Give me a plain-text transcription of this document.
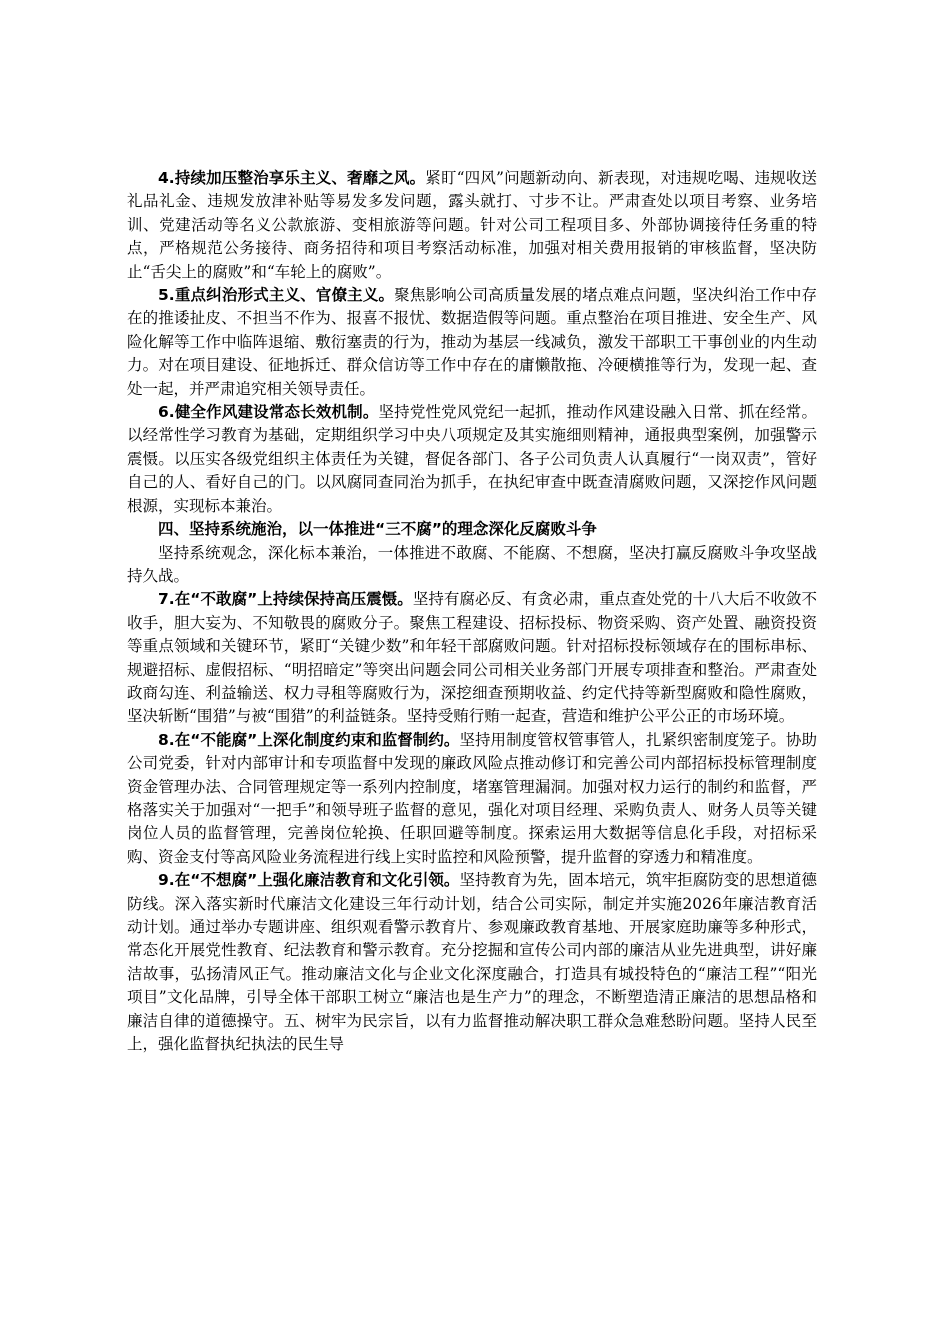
4.持续加压整治享乐主义、奢靡之风。紧盯“四风”问题新动向、新表现，对违规吃喝、违规收送礼品礼金、违规发放津补贴等易发多发问题，露头就打、寸步不让。严肃查处以项目考察、业务培训、党建活动等名义公款旅游、变相旅游等问题。针对公司工程项目多、外部协调接待任务重的特点，严格规范公务接待、商务招待和项目考察活动标准，加强对相关费用报销的审核监督，坚决防止“舌尖上的腐败”和“车轮上的腐败”。

5.重点纠治形式主义、官僚主义。聚焦影响公司高质量发展的堵点难点问题，坚决纠治工作中存在的推诿扯皮、不担当不作为、报喜不报忧、数据造假等问题。重点整治在项目推进、安全生产、风险化解等工作中临阵退缩、敷衍塞责的行为，推动为基层一线减负，激发干部职工干事创业的内生动力。对在项目建设、征地拆迁、群众信访等工作中存在的庸懒散拖、冷硬横推等行为，发现一起、查处一起，并严肃追究相关领导责任。

6.健全作风建设常态长效机制。坚持党性党风党纪一起抓，推动作风建设融入日常、抓在经常。以经常性学习教育为基础，定期组织学习中央八项规定及其实施细则精神，通报典型案例，加强警示震慑。以压实各级党组织主体责任为关键，督促各部门、各子公司负责人认真履行“一岗双责”，管好自己的人、看好自己的门。以风腐同查同治为抓手，在执纪审查中既查清腐败问题，又深挖作风问题根源，实现标本兼治。

四、坚持系统施治，以一体推进“三不腐”的理念深化反腐败斗争

坚持系统观念，深化标本兼治，一体推进不敢腐、不能腐、不想腐，坚决打赢反腐败斗争攻坚战持久战。

7.在“不敢腐”上持续保持高压震慑。坚持有腐必反、有贪必肃，重点查处党的十八大后不收敛不收手，胆大妄为、不知敬畏的腐败分子。聚焦工程建设、招标投标、物资采购、资产处置、融资投资等重点领域和关键环节，紧盯“关键少数”和年轻干部腐败问题。针对招标投标领域存在的围标串标、规避招标、虚假招标、“明招暗定”等突出问题会同公司相关业务部门开展专项排查和整治。严肃查处政商勾连、利益输送、权力寻租等腐败行为，深挖细查预期收益、约定代持等新型腐败和隐性腐败，坚决斩断“围猎”与被“围猎”的利益链条。坚持受贿行贿一起查，营造和维护公平公正的市场环境。

8.在“不能腐”上深化制度约束和监督制约。坚持用制度管权管事管人，扎紧织密制度笼子。协助公司党委，针对内部审计和专项监督中发现的廉政风险点推动修订和完善公司内部招标投标管理制度资金管理办法、合同管理规定等一系列内控制度，堵塞管理漏洞。加强对权力运行的制约和监督，严格落实关于加强对“一把手”和领导班子监督的意见，强化对项目经理、采购负责人、财务人员等关键岗位人员的监督管理，完善岗位轮换、任职回避等制度。探索运用大数据等信息化手段，对招标采购、资金支付等高风险业务流程进行线上实时监控和风险预警，提升监督的穿透力和精准度。

9.在“不想腐”上强化廉洁教育和文化引领。坚持教育为先，固本培元，筑牢拒腐防变的思想道德防线。深入落实新时代廉洁文化建设三年行动计划，结合公司实际，制定并实施2026年廉洁教育活动计划。通过举办专题讲座、组织观看警示教育片、参观廉政教育基地、开展家庭助廉等多种形式，常态化开展党性教育、纪法教育和警示教育。充分挖掘和宣传公司内部的廉洁从业先进典型，讲好廉洁故事，弘扬清风正气。推动廉洁文化与企业文化深度融合，打造具有城投特色的“廉洁工程”“阳光项目”文化品牌，引导全体干部职工树立“廉洁也是生产力”的理念，不断塑造清正廉洁的思想品格和廉洁自律的道德操守。五、树牢为民宗旨，以有力监督推动解决职工群众急难愁盼问题。坚持人民至上，强化监督执纪执法的民生导
